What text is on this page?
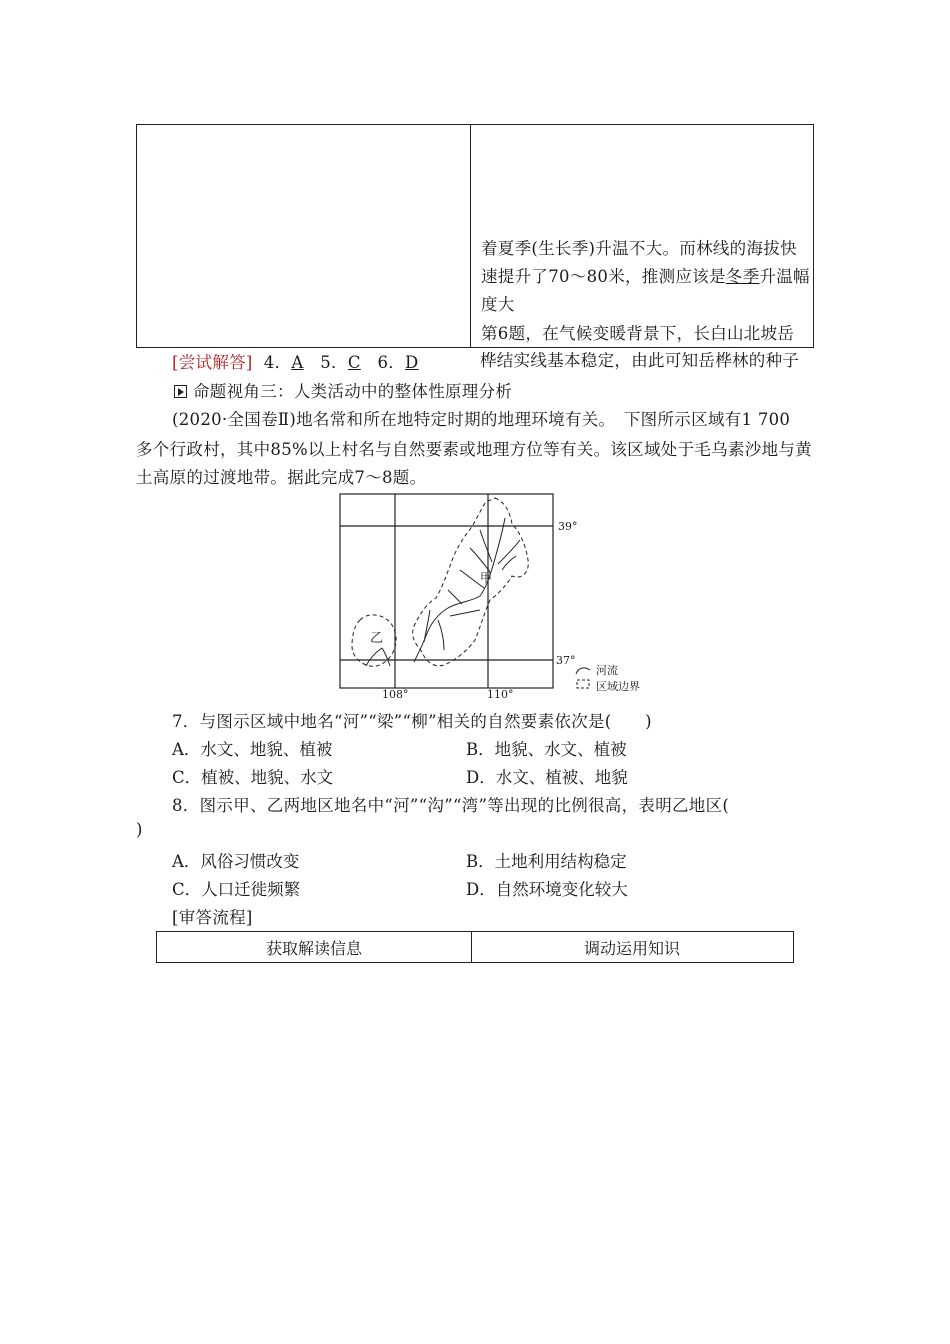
着夏季(生长季)升温不大。而林线的海拔快
速提升了70～80米，推测应该是冬季升温幅
度大
第6题，在气候变暖背景下，长白山北坡岳
桦结实线基本稳定，由此可知岳桦林的种子
[尝试解答] 4．A 5．C 6．D
命题视角三：人类活动中的整体性原理分析
(2020·全国卷Ⅱ)地名常和所在地特定时期的地理环境有关。　下图所示区域有1 700
多个行政村，其中85%以上村名与自然要素或地理方位等有关。该区域处于毛乌素沙地与黄
土高原的过渡地带。据此完成7～8题。
甲
乙
39°
37°
108°	110°
河流
区域边界
7．与图示区域中地名“河”“梁”“柳”相关的自然要素依次是(　　)
A．水文、地貌、植被	B．地貌、水文、植被
C．植被、地貌、水文	D．水文、植被、地貌
8．图示甲、乙两地区地名中“河”“沟”“湾”等出现的比例很高，表明乙地区(
)
A．风俗习惯改变	B．土地利用结构稳定
C．人口迁徙频繁	D．自然环境变化较大
[审答流程]
获取解读信息	调动运用知识
